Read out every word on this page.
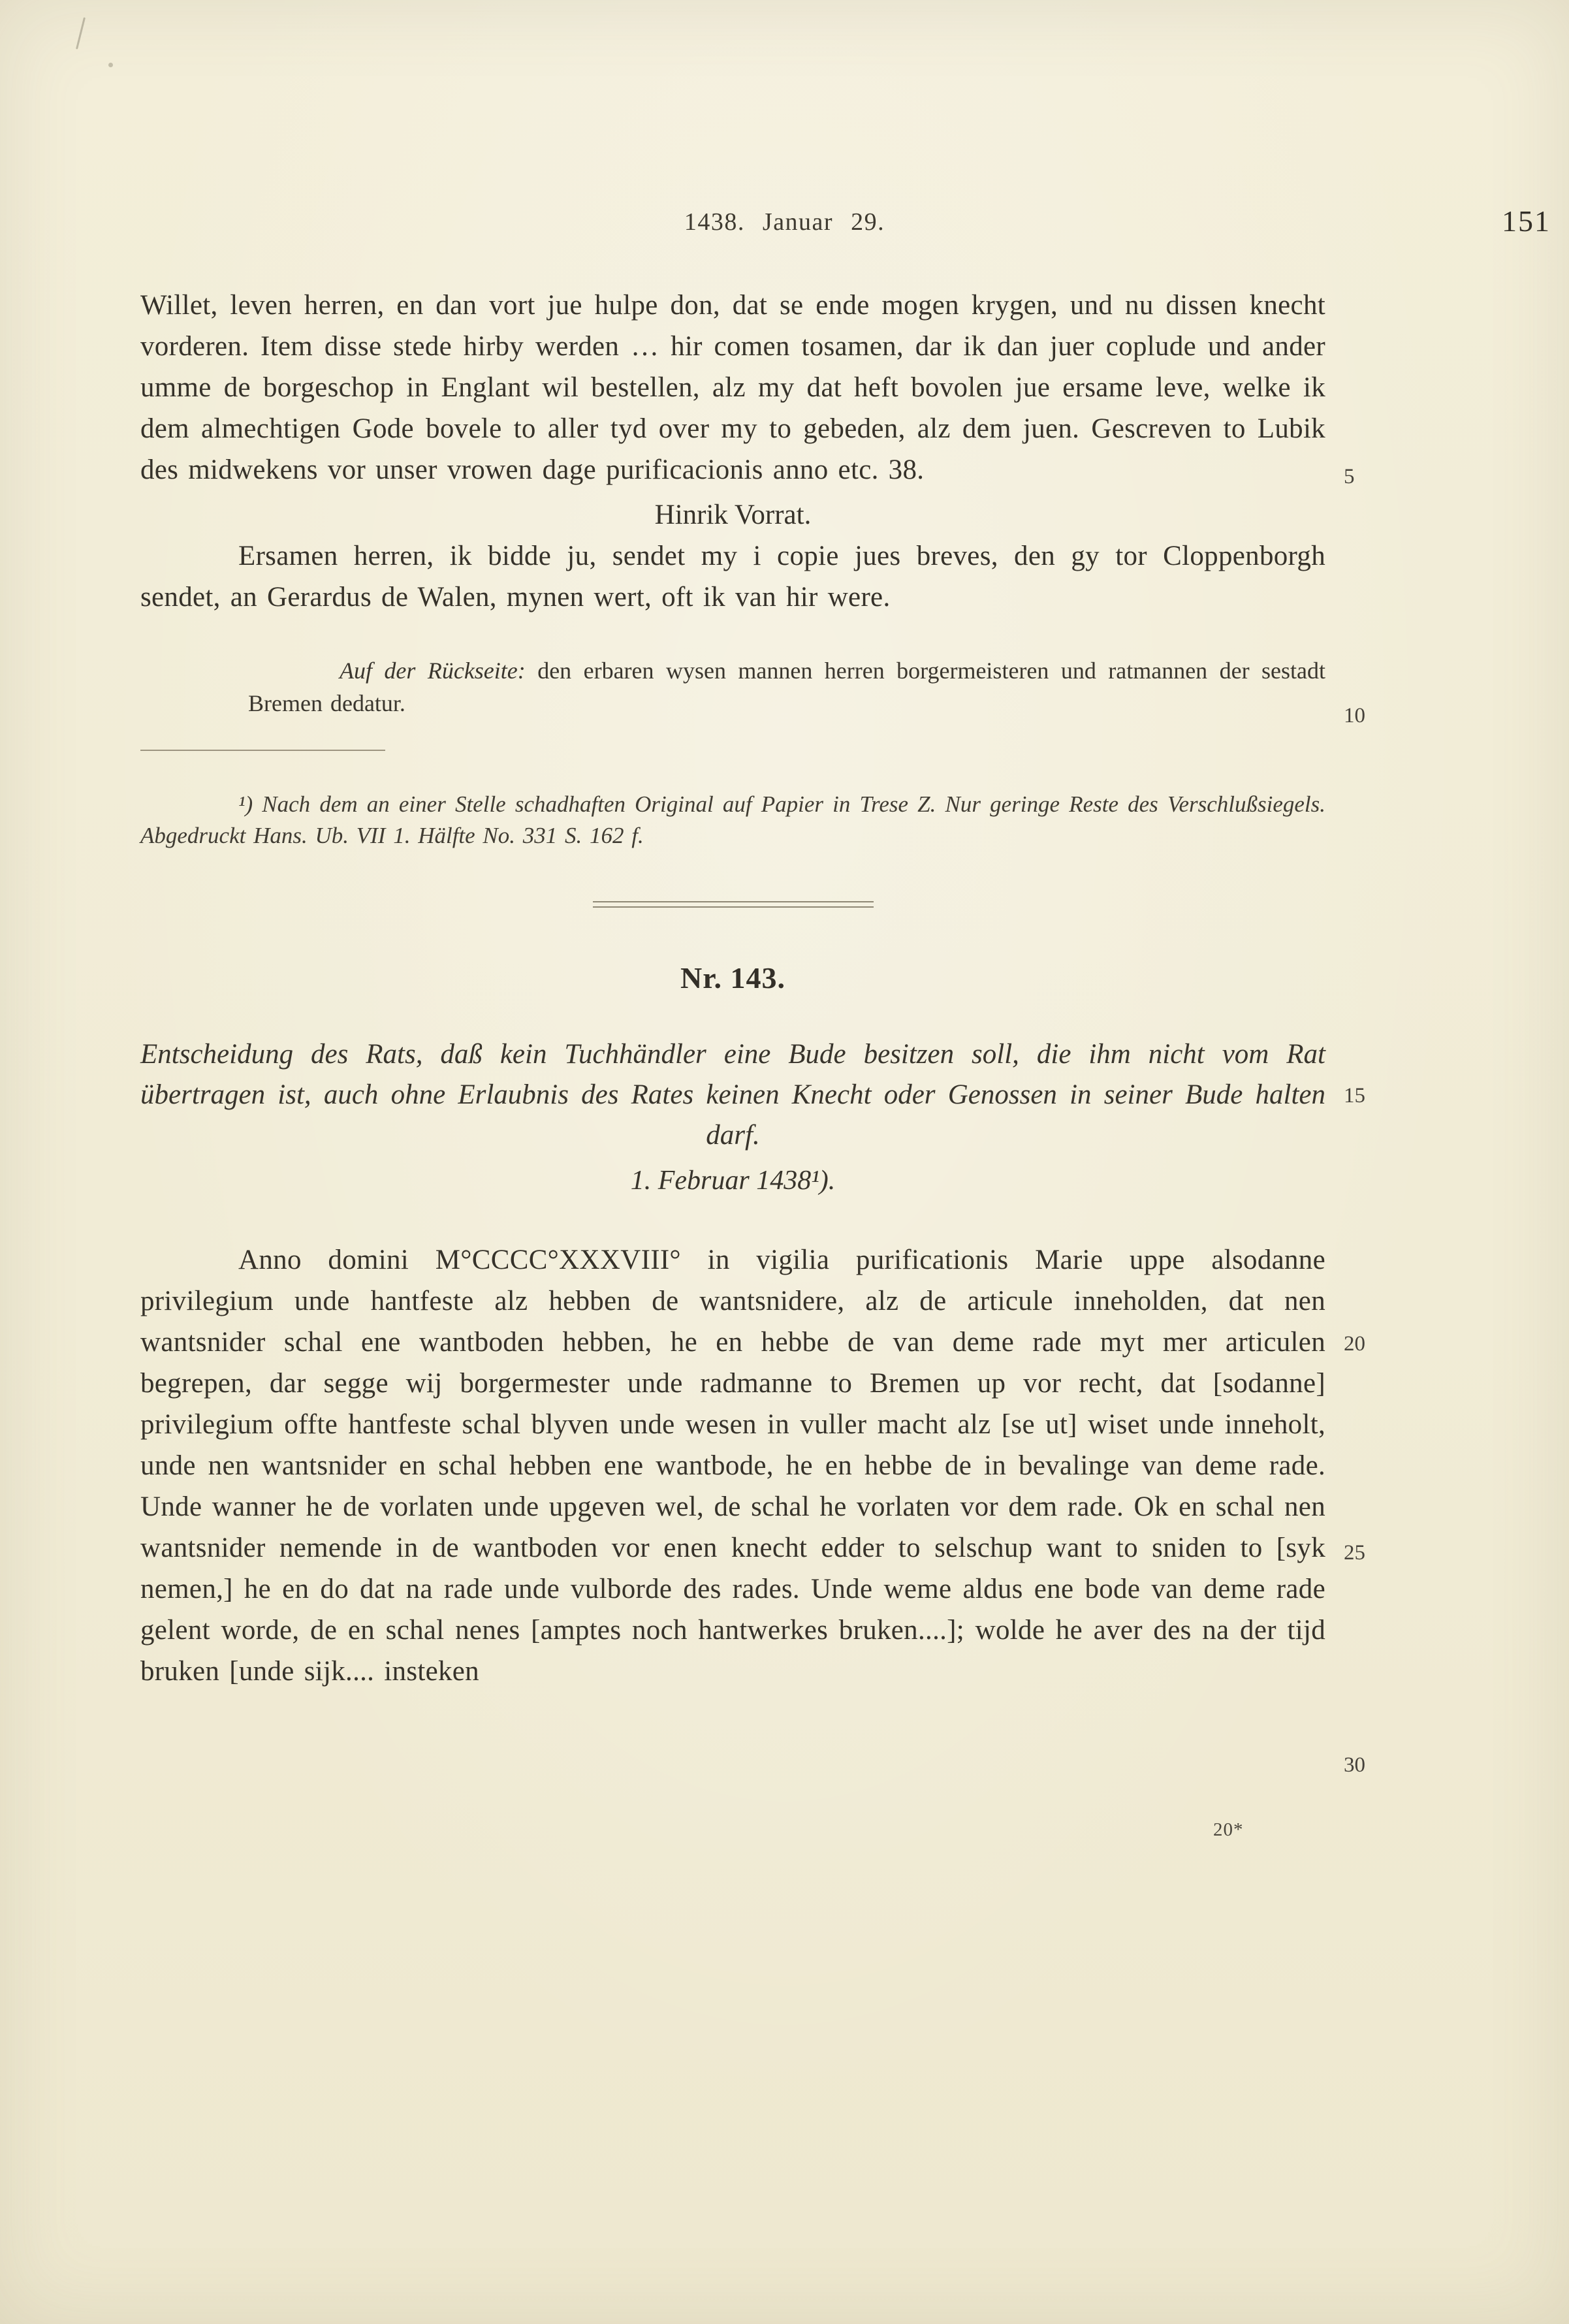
1438. Januar 29.	151

Willet, leven herren, en dan vort jue hulpe don, dat se ende mogen krygen, und nu dissen knecht vorderen. Item disse stede hirby werden … hir comen tosamen, dar ik dan juer coplude und ander umme de borgeschop in Englant wil bestellen, alz my dat heft bovolen jue ersame leve, welke ik dem almechtigen Gode bovele to aller tyd over my to gebeden, alz dem juen. Gescreven to Lubik des midwekens vor unser vrowen dage purificacionis anno etc. 38.

Hinrik Vorrat.

Ersamen herren, ik bidde ju, sendet my i copie jues breves, den gy tor Cloppenborgh sendet, an Gerardus de Walen, mynen wert, oft ik van hir were.

Auf der Rückseite: den erbaren wysen mannen herren borgermeisteren und ratmannen der sestadt Bremen dedatur.

¹) Nach dem an einer Stelle schadhaften Original auf Papier in Trese Z. Nur geringe Reste des Verschlußsiegels. Abgedruckt Hans. Ub. VII 1. Hälfte No. 331 S. 162 f.

Nr. 143.

Entscheidung des Rats, daß kein Tuchhändler eine Bude besitzen soll, die ihm nicht vom Rat übertragen ist, auch ohne Erlaubnis des Rates keinen Knecht oder Genossen in seiner Bude halten darf.

1. Februar 1438¹).

Anno domini M°CCCC°XXXVIII° in vigilia purificationis Marie uppe alsodanne privilegium unde hantfeste alz hebben de wantsnidere, alz de articule inneholden, dat nen wantsnider schal ene wantboden hebben, he en hebbe de van deme rade myt mer articulen begrepen, dar segge wij borgermester unde radmanne to Bremen up vor recht, dat [sodanne] privilegium offte hantfeste schal blyven unde wesen in vuller macht alz [se ut] wiset unde inneholt, unde nen wantsnider en schal hebben ene wantbode, he en hebbe de in bevalinge van deme rade. Unde wanner he de vorlaten unde upgeven wel, de schal he vorlaten vor dem rade. Ok en schal nen wantsnider nemende in de wantboden vor enen knecht edder to selschup want to sniden to [syk nemen,] he en do dat na rade unde vulborde des rades. Unde weme aldus ene bode van deme rade gelent worde, de en schal nenes [amptes noch hantwerkes bruken....]; wolde he aver des na der tijd bruken [unde sijk.... insteken

5
10
15
20
25
30
20*
